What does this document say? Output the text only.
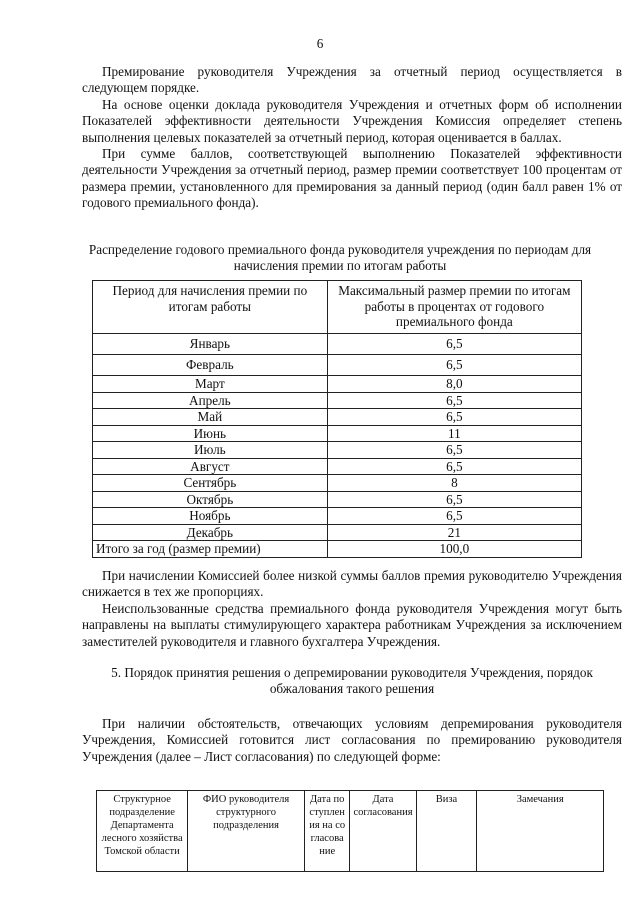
6

Премирование руководителя Учреждения за отчетный период осуществляется в следующем порядке.

На основе оценки доклада руководителя Учреждения и отчетных форм об исполнении Показателей эффективности деятельности Учреждения Комиссия определяет степень выполнения целевых показателей за отчетный период, которая оценивается в баллах.

При сумме баллов, соответствующей выполнению Показателей эффективности деятельности Учреждения за отчетный период, размер премии соответствует 100 процентам от размера премии, установленного для премирования за данный период (один балл равен 1% от годового премиального фонда).

Распределение годового премиального фонда руководителя учреждения по периодам для начисления премии по итогам работы
Период для начисления премии по итогам работы	Максимальный размер премии по итогам работы в процентах от годового премиального фонда
Январь	6,5
Февраль	6,5
Март	8,0
Апрель	6,5
Май	6,5
Июнь	11
Июль	6,5
Август	6,5
Сентябрь	8
Октябрь	6,5
Ноябрь	6,5
Декабрь	21
Итого за год (размер премии)	100,0

При начислении Комиссией более низкой суммы баллов премия руководителю Учреждения снижается в тех же пропорциях.

Неиспользованные средства премиального фонда руководителя Учреждения могут быть направлены на выплаты стимулирующего характера работникам Учреждения за исключением заместителей руководителя и главного бухгалтера Учреждения.

5. Порядок принятия решения о депремировании руководителя Учреждения, порядок обжалования такого решения

При наличии обстоятельств, отвечающих условиям депремирования руководителя Учреждения, Комиссией готовится лист согласования по премированию руководителя Учреждения (далее – Лист согласования) по следующей форме:

Структурное подразделение Департамента лесного хозяйства Томской области	ФИО руководителя структурного подразделения	Дата поступления на согласование	Дата согласования	Виза	Замечания
